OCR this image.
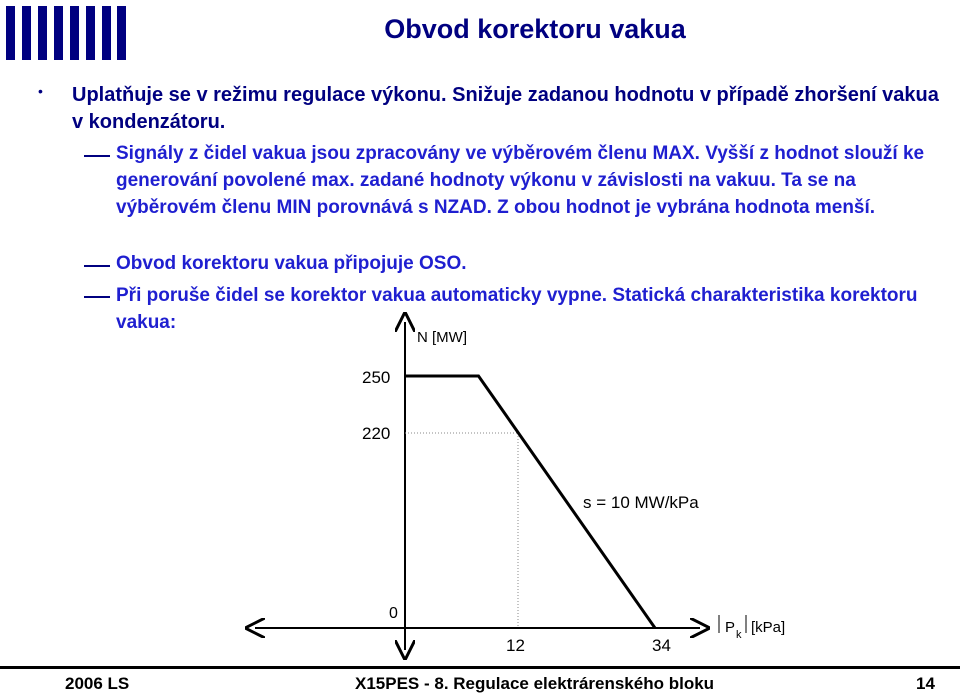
Obvod korektoru vakua
• Uplatňuje se v režimu regulace výkonu. Snižuje zadanou hodnotu v případě zhoršení vakua v kondenzátoru.
Signály z čidel vakua jsou zpracovány ve výběrovém členu MAX. Vyšší z hodnot slouží ke generování povolené max. zadané hodnoty výkonu v závislosti na vakuu. Ta se na výběrovém členu MIN porovnává s NZAD. Z obou hodnot je vybrána hodnota menší.
Obvod korektoru vakua připojuje OSO.
Při poruše čidel se korektor vakua automaticky vypne. Statická charakteristika korektoru vakua:
N [MW]
250
220
s = 10 MW/kPa
0
12	34
P k [kPa]
2006 LS	X15PES - 8. Regulace elektrárenského bloku	14
